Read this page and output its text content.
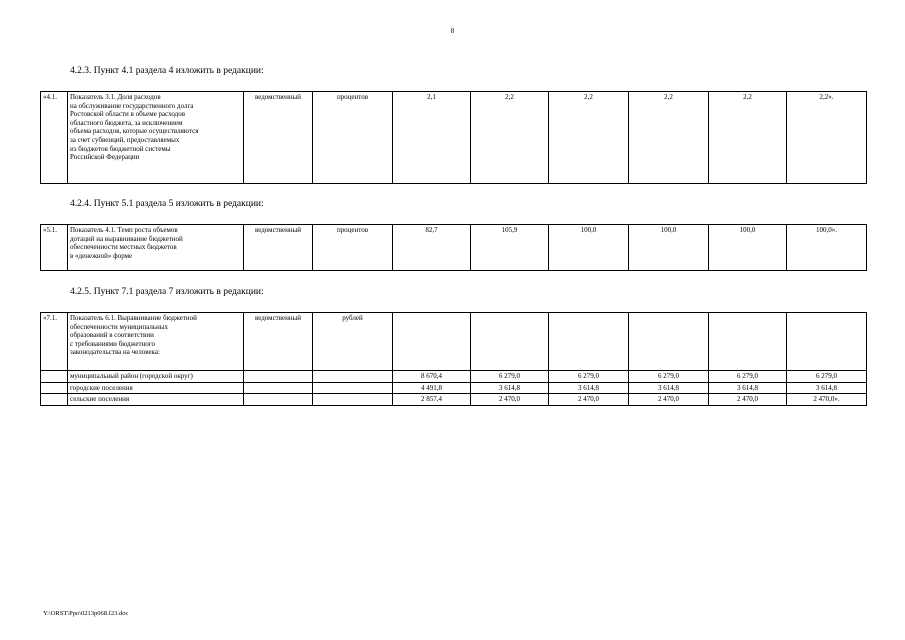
8
4.2.3. Пункт 4.1 раздела 4 изложить в редакции:
«4.1.	Показатель 3.1. Доля расходов
на обслуживание государственного долга
Ростовской области в объеме расходов
областного бюджета, за исключением
объема расходов, которые осуществляются
за счет субвенций, предоставляемых
из бюджетов бюджетной системы
Российской Федерации	ведомственный	процентов	2,1	2,2	2,2	2,2	2,2	2,2».
4.2.4. Пункт 5.1 раздела 5 изложить в редакции:
«5.1.	Показатель 4.1. Темп роста объемов
дотаций на выравнивание бюджетной
обеспеченности местных бюджетов
в «денежной» форме	ведомственный	процентов	82,7	105,9	100,0	100,0	100,0	100,0».
4.2.5. Пункт 7.1 раздела 7 изложить в редакции:
«7.1.	Показатель 6.1. Выравнивание бюджетной
обеспеченности муниципальных
образований в соответствии
с требованиями бюджетного
законодательства на человека:	ведомственный	рублей						
	муниципальный район (городской округ)			8 670,4	6 279,0	6 279,0	6 279,0	6 279,0	6 279,0
	городские поселения			4 491,8	3 614,8	3 614,8	3 614,8	3 614,8	3 614,8
	сельские поселения			2 857,4	2 470,0	2 470,0	2 470,0	2 470,0	2 470,0».
Y:\ORST\Ppo\0213p068.f23.doc
